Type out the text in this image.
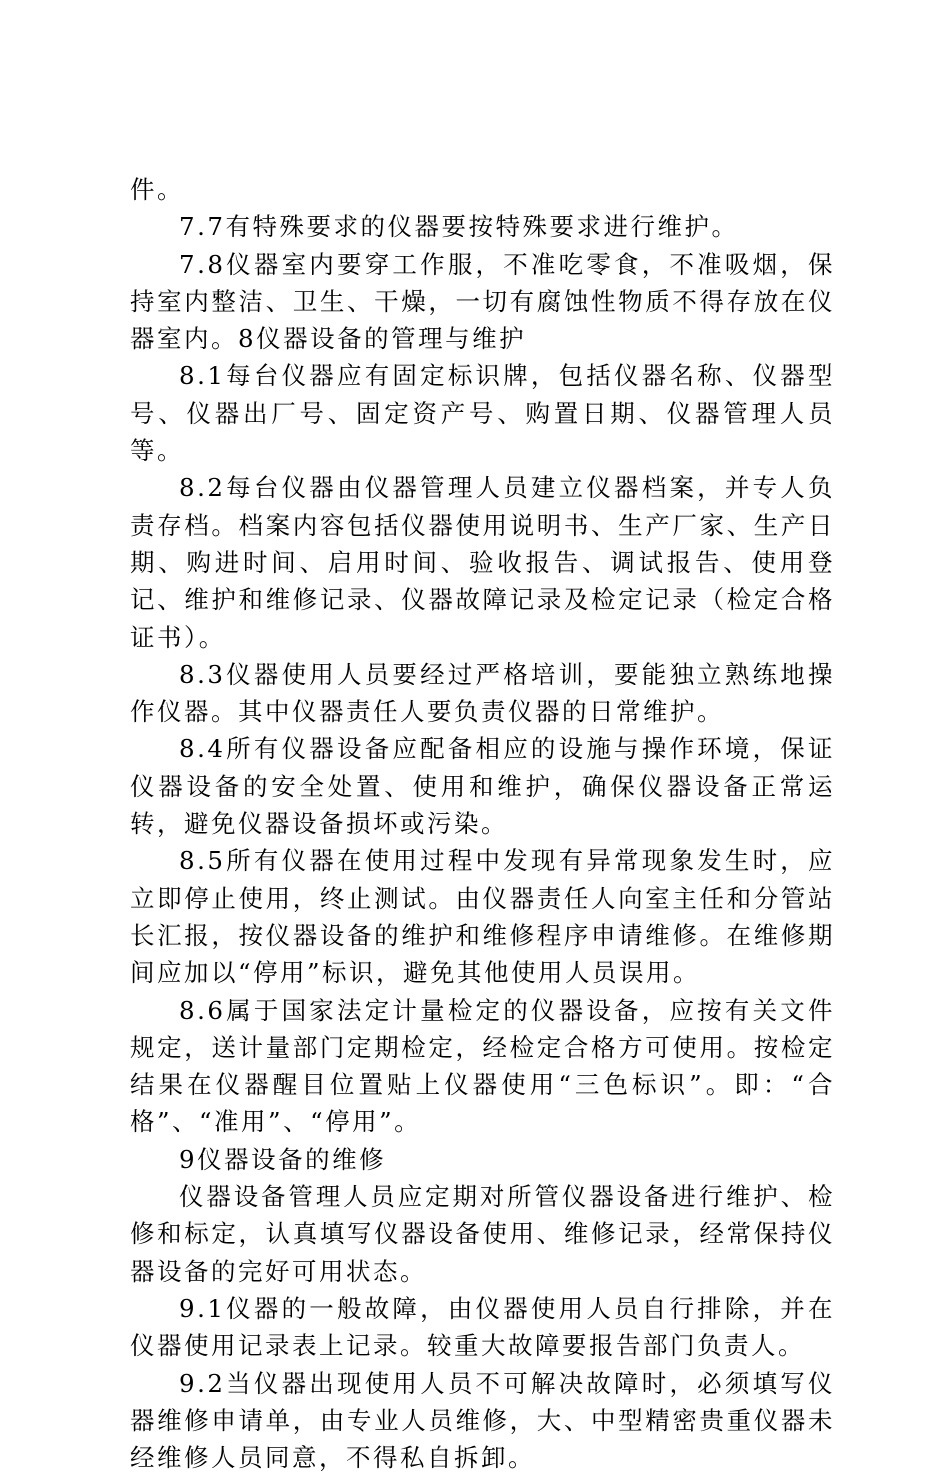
件。

7.7有特殊要求的仪器要按特殊要求进行维护。

7.8仪器室内要穿工作服，不准吃零食，不准吸烟，保持室内整洁、卫生、干燥，一切有腐蚀性物质不得存放在仪器室内。8仪器设备的管理与维护

8.1每台仪器应有固定标识牌，包括仪器名称、仪器型号、仪器出厂号、固定资产号、购置日期、仪器管理人员等。

8.2每台仪器由仪器管理人员建立仪器档案，并专人负责存档。档案内容包括仪器使用说明书、生产厂家、生产日期、购进时间、启用时间、验收报告、调试报告、使用登记、维护和维修记录、仪器故障记录及检定记录（检定合格证书）。

8.3仪器使用人员要经过严格培训，要能独立熟练地操作仪器。其中仪器责任人要负责仪器的日常维护。

8.4所有仪器设备应配备相应的设施与操作环境，保证仪器设备的安全处置、使用和维护，确保仪器设备正常运转，避免仪器设备损坏或污染。

8.5所有仪器在使用过程中发现有异常现象发生时，应立即停止使用，终止测试。由仪器责任人向室主任和分管站长汇报，按仪器设备的维护和维修程序申请维修。在维修期间应加以“停用”标识，避免其他使用人员误用。

8.6属于国家法定计量检定的仪器设备，应按有关文件规定，送计量部门定期检定，经检定合格方可使用。按检定结果在仪器醒目位置贴上仪器使用“三色标识”。即：“合格”、“准用”、“停用”。

9仪器设备的维修

仪器设备管理人员应定期对所管仪器设备进行维护、检修和标定，认真填写仪器设备使用、维修记录，经常保持仪器设备的完好可用状态。

9.1仪器的一般故障，由仪器使用人员自行排除，并在仪器使用记录表上记录。较重大故障要报告部门负责人。

9.2当仪器出现使用人员不可解决故障时，必须填写仪器维修申请单，由专业人员维修，大、中型精密贵重仪器未经维修人员同意，不得私自拆卸。
